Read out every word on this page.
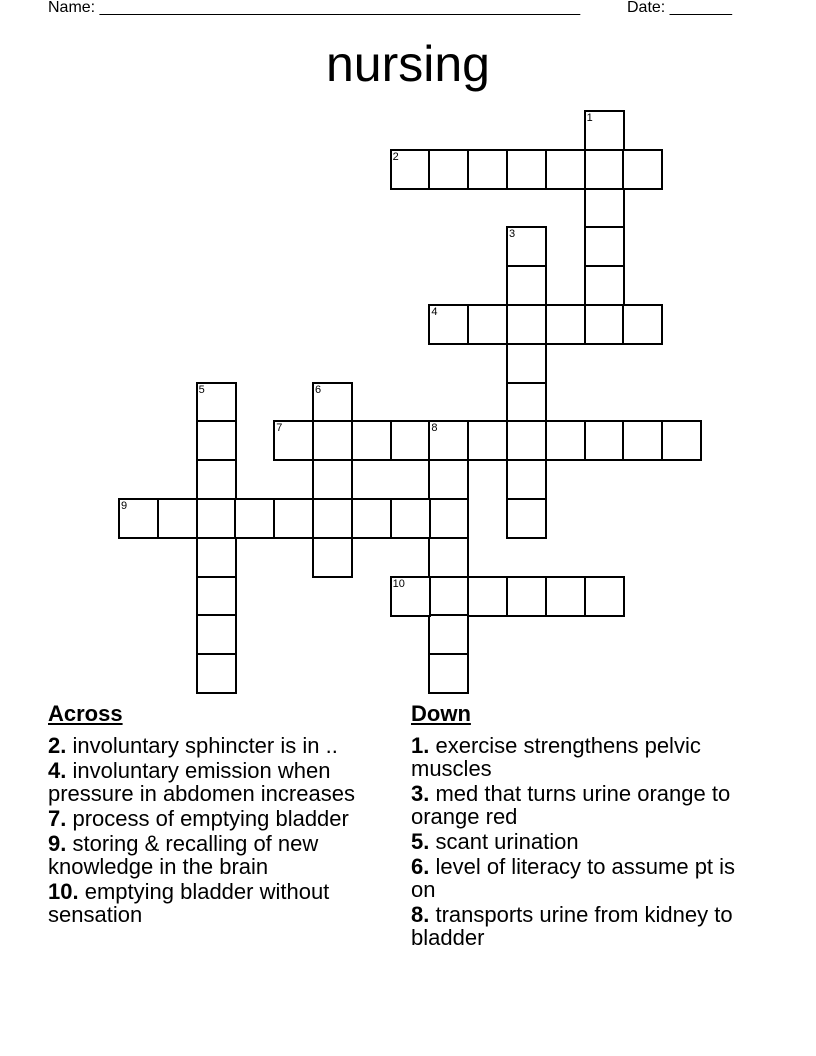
Name: ______________________________________________________	Date: _______
nursing
1
2
3
4
5	6
7	8
9
10
Across
2. involuntary sphincter is in ..
4. involuntary emission when pressure in abdomen increases
7. process of emptying bladder
9. storing & recalling of new knowledge in the brain
10. emptying bladder without sensation
Down
1. exercise strengthens pelvic muscles
3. med that turns urine orange to orange red
5. scant urination
6. level of literacy to assume pt is on
8. transports urine from kidney to bladder
